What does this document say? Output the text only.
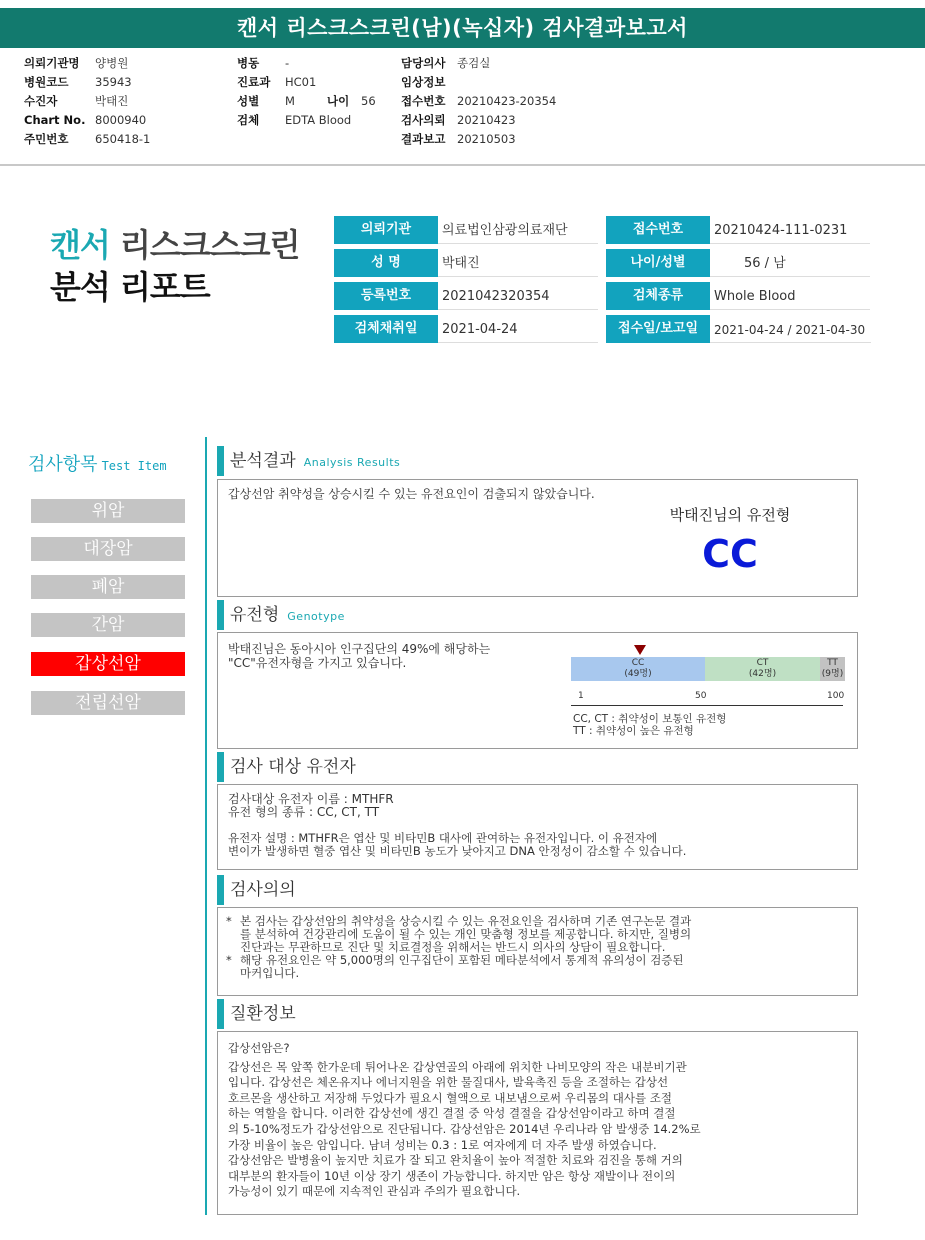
캔서 리스크스크린(남)(녹십자) 검사결과보고서
의뢰기관명 양병원
병원코드 35943
수진자	박태진
Chart No. 8000940
주민번호 650418-1
병동 -
진료과 HC01
성별 M	나이 56
검체 EDTA Blood
담당의사 종검실
임상정보
접수번호 20210423-20354
검사의뢰 20210423
결과보고 20210503
캔서 리스크스크린
분석 리포트
의뢰기관	의료법인삼광의료재단	접수번호	20210424-111-0231
성 명	박태진	나이/성별	56 / 남
등록번호	2021042320354	검체종류	Whole Blood
검체채취일	2021-04-24	접수일/보고일	2021-04-24 / 2021-04-30
검사항목 Test Item
위암
대장암
폐암
간암
갑상선암
전립선암
분석결과 Analysis Results
갑상선암 취약성을 상승시킬 수 있는 유전요인이 검출되지 않았습니다.
박태진님의 유전형
CC
유전형 Genotype
박태진님은 동아시아 인구집단의 49%에 해당하는
"CC"유전자형을 가지고 있습니다.	CC
(49명)
CT
(42명)
TT
(9명)
1	50	100
CC, CT : 취약성이 보통인 유전형
TT : 취약성이 높은 유전형
검사 대상 유전자
검사대상 유전자 이름 : MTHFR
유전 형의 종류 : CC, CT, TT
유전자 설명 : MTHFR은 엽산 및 비타민B 대사에 관여하는 유전자입니다. 이 유전자에
변이가 발생하면 혈중 엽산 및 비타민B 농도가 낮아지고 DNA 안정성이 감소할 수 있습니다.
검사의의
* 본 검사는 갑상선암의 취약성을 상승시킬 수 있는 유전요인을 검사하며 기존 연구논문 결과
를 분석하여 건강관리에 도움이 될 수 있는 개인 맞춤형 정보를 제공합니다. 하지만, 질병의
진단과는 무관하므로 진단 및 치료결정을 위해서는 반드시 의사의 상담이 필요합니다.
* 해당 유전요인은 약 5,000명의 인구집단이 포함된 메타분석에서 통계적 유의성이 검증된
마커입니다.
질환정보
갑상선암은?
갑상선은 목 앞쪽 한가운데 튀어나온 갑상연골의 아래에 위치한 나비모양의 작은 내분비기관
입니다. 갑상선은 체온유지나 에너지원을 위한 물질대사, 발육촉진 등을 조절하는 갑상선
호르몬을 생산하고 저장해 두었다가 필요시 혈액으로 내보냄으로써 우리몸의 대사를 조절
하는 역할을 합니다. 이러한 갑상선에 생긴 결절 중 악성 결절을 갑상선암이라고 하며 결절
의 5-10%정도가 갑상선암으로 진단됩니다. 갑상선암은 2014년 우리나라 암 발생중 14.2%로
가장 비율이 높은 암입니다. 남녀 성비는 0.3 : 1로 여자에게 더 자주 발생 하였습니다.
갑상선암은 발병율이 높지만 치료가 잘 되고 완치율이 높아 적절한 치료와 검진을 통해 거의
대부분의 환자들이 10년 이상 장기 생존이 가능합니다. 하지만 암은 항상 재발이나 전이의
가능성이 있기 때문에 지속적인 관심과 주의가 필요합니다.
